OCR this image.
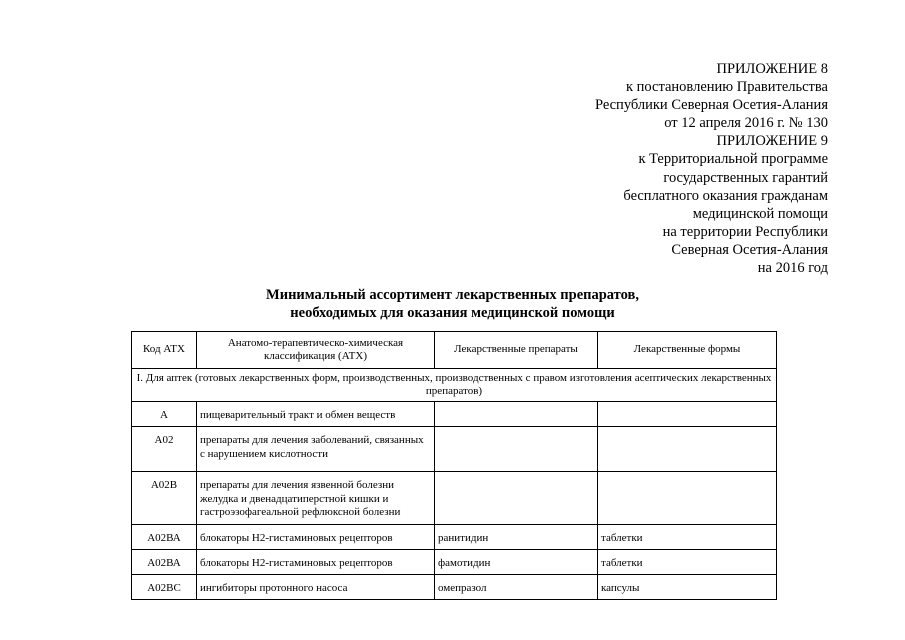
ПРИЛОЖЕНИЕ 8
к постановлению Правительства
Республики Северная Осетия-Алания
от 12 апреля 2016 г. № 130
ПРИЛОЖЕНИЕ 9
к Территориальной программе
государственных гарантий
бесплатного оказания гражданам
медицинской помощи
на территории Республики
Северная Осетия-Алания
на 2016 год
Минимальный ассортимент лекарственных препаратов,
необходимых для оказания медицинской помощи
Код АТХ	Анатомо-терапевтическо-химическая классификация (АТХ)	Лекарственные препараты	Лекарственные формы
I. Для аптек (готовых лекарственных форм, производственных, производственных с правом изготовления асептических лекарственных препаратов)			
А	пищеварительный тракт и обмен веществ		
А02	препараты для лечения заболеваний, связанных с нарушением кислотности		
А02В	препараты для лечения язвенной болезни желудка и двенадцатиперстной кишки и гастроэзофагеальной рефлюксной болезни		
А02ВА	блокаторы Н2-гистаминовых рецепторов	ранитидин	таблетки
А02ВА	блокаторы Н2-гистаминовых рецепторов	фамотидин	таблетки
А02ВС	ингибиторы протонного насоса	омепразол	капсулы
